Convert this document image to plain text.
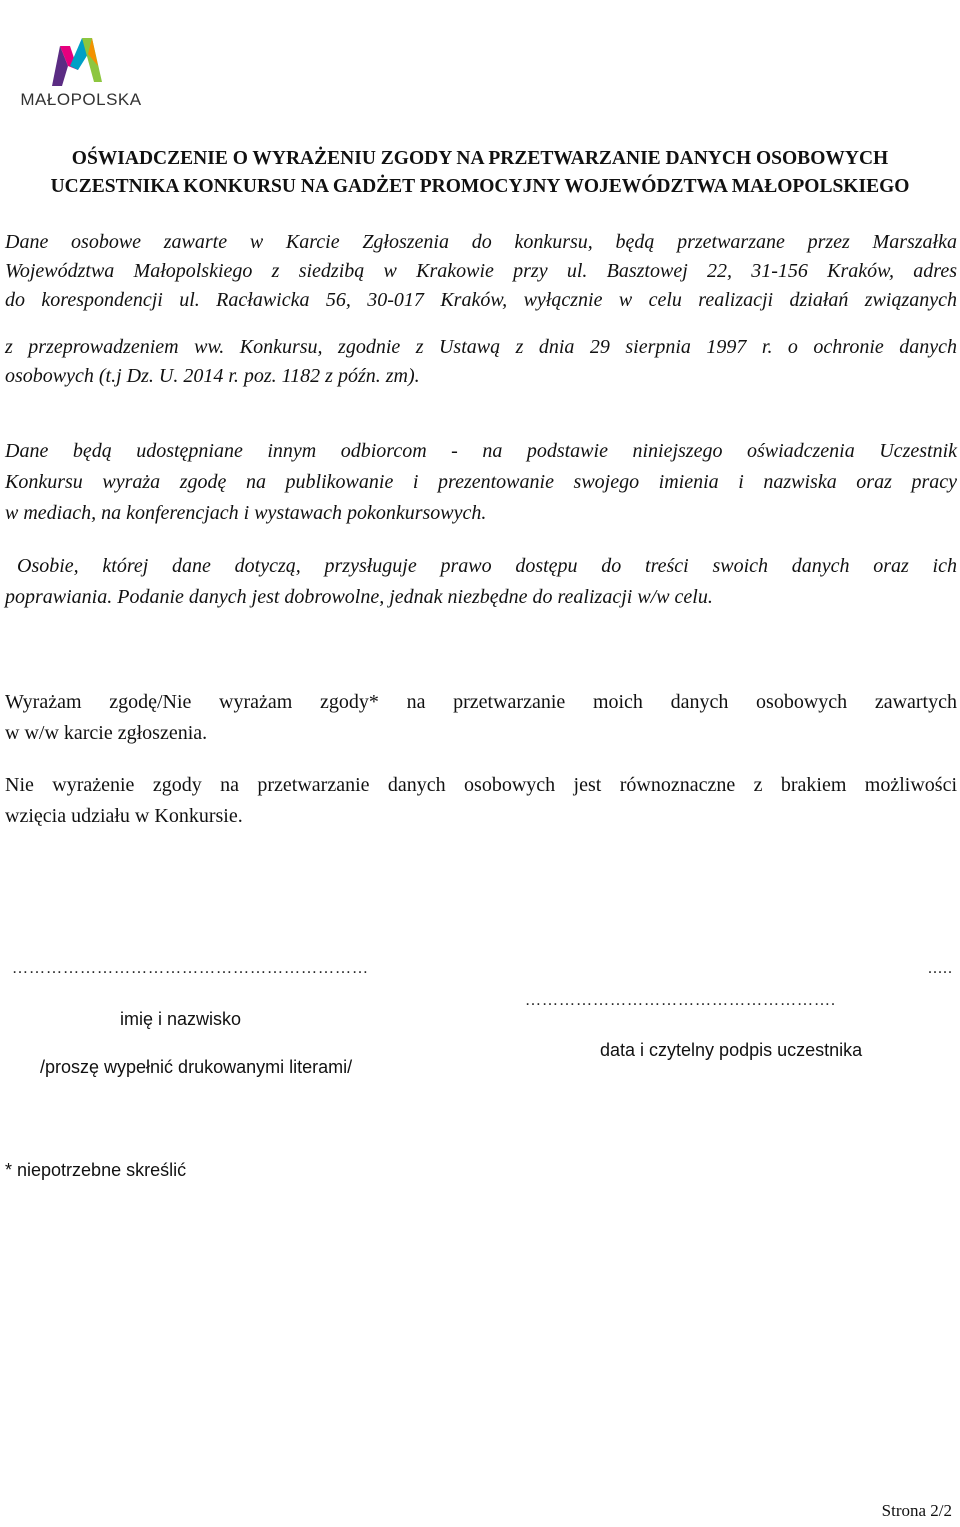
MAŁOPOLSKA
OŚWIADCZENIE O WYRAŻENIU ZGODY NA PRZETWARZANIE DANYCH OSOBOWYCH
UCZESTNIKA KONKURSU NA GADŻET PROMOCYJNY WOJEWÓDZTWA MAŁOPOLSKIEGO
Dane osobowe zawarte w Karcie Zgłoszenia do konkursu, będą przetwarzane przez Marszałka
Województwa Małopolskiego z siedzibą w Krakowie przy ul. Basztowej 22, 31-156 Kraków, adres
do korespondencji ul. Racławicka 56, 30-017 Kraków, wyłącznie w celu realizacji działań związanych
z przeprowadzeniem ww. Konkursu, zgodnie z Ustawą z dnia 29 sierpnia 1997 r. o ochronie danych
osobowych (t.j Dz. U. 2014 r. poz. 1182 z późn. zm).
Dane będą udostępniane innym odbiorcom - na podstawie niniejszego oświadczenia Uczestnik
Konkursu wyraża zgodę na publikowanie i prezentowanie swojego imienia i nazwiska oraz pracy
w mediach, na konferencjach i wystawach pokonkursowych.
Osobie, której dane dotyczą, przysługuje prawo dostępu do treści swoich danych oraz ich
poprawiania. Podanie danych jest dobrowolne, jednak niezbędne do realizacji w/w celu.
Wyrażam zgodę/Nie wyrażam zgody* na przetwarzanie moich danych osobowych zawartych
w w/w karcie zgłoszenia.
Nie wyrażenie zgody na przetwarzanie danych osobowych jest równoznaczne z brakiem możliwości
wzięcia udziału w Konkursie.
………………………………………………………	.....
……………………………………………….
imię i nazwisko
data i czytelny podpis uczestnika
/proszę wypełnić drukowanymi literami/
* niepotrzebne skreślić
Strona 2/2
